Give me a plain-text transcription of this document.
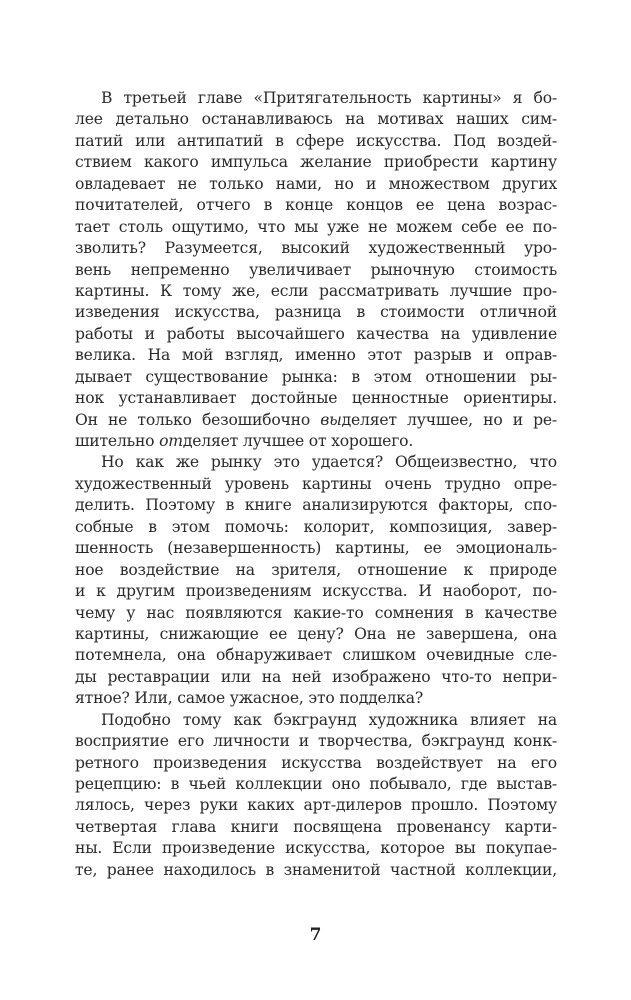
В третьей главе «Притягательность картины» я бо-
лее детально останавливаюсь на мотивах наших сим-
патий или антипатий в сфере искусства. Под воздей-
ствием какого импульса желание приобрести картину
овладевает не только нами, но и множеством других
почитателей, отчего в конце концов ее цена возрас-
тает столь ощутимо, что мы уже не можем себе ее по-
зволить? Разумеется, высокий художественный уро-
вень непременно увеличивает рыночную стоимость
картины. К тому же, если рассматривать лучшие про-
изведения искусства, разница в стоимости отличной
работы и работы высочайшего качества на удивление
велика. На мой взгляд, именно этот разрыв и оправ-
дывает существование рынка: в этом отношении ры-
нок устанавливает достойные ценностные ориентиры.
Он не только безошибочно выделяет лучшее, но и ре-
шительно отделяет лучшее от хорошего.
Но как же рынку это удается? Общеизвестно, что
художественный уровень картины очень трудно опре-
делить. Поэтому в книге анализируются факторы, спо-
собные в этом помочь: колорит, композиция, завер-
шенность (незавершенность) картины, ее эмоциональ-
ное воздействие на зрителя, отношение к природе
и к другим произведениям искусства. И наоборот, по-
чему у нас появляются какие-то сомнения в качестве
картины, снижающие ее цену? Она не завершена, она
потемнела, она обнаруживает слишком очевидные сле-
ды реставрации или на ней изображено что-то непри-
ятное? Или, самое ужасное, это подделка?
Подобно тому как бэкграунд художника влияет на
восприятие его личности и творчества, бэкграунд конк-
ретного произведения искусства воздействует на его
рецепцию: в чьей коллекции оно побывало, где выстав-
лялось, через руки каких арт-дилеров прошло. Поэтому
четвертая глава книги посвящена провенансу карти-
ны. Если произведение искусства, которое вы покупае-
те, ранее находилось в знаменитой частной коллекции,
7
